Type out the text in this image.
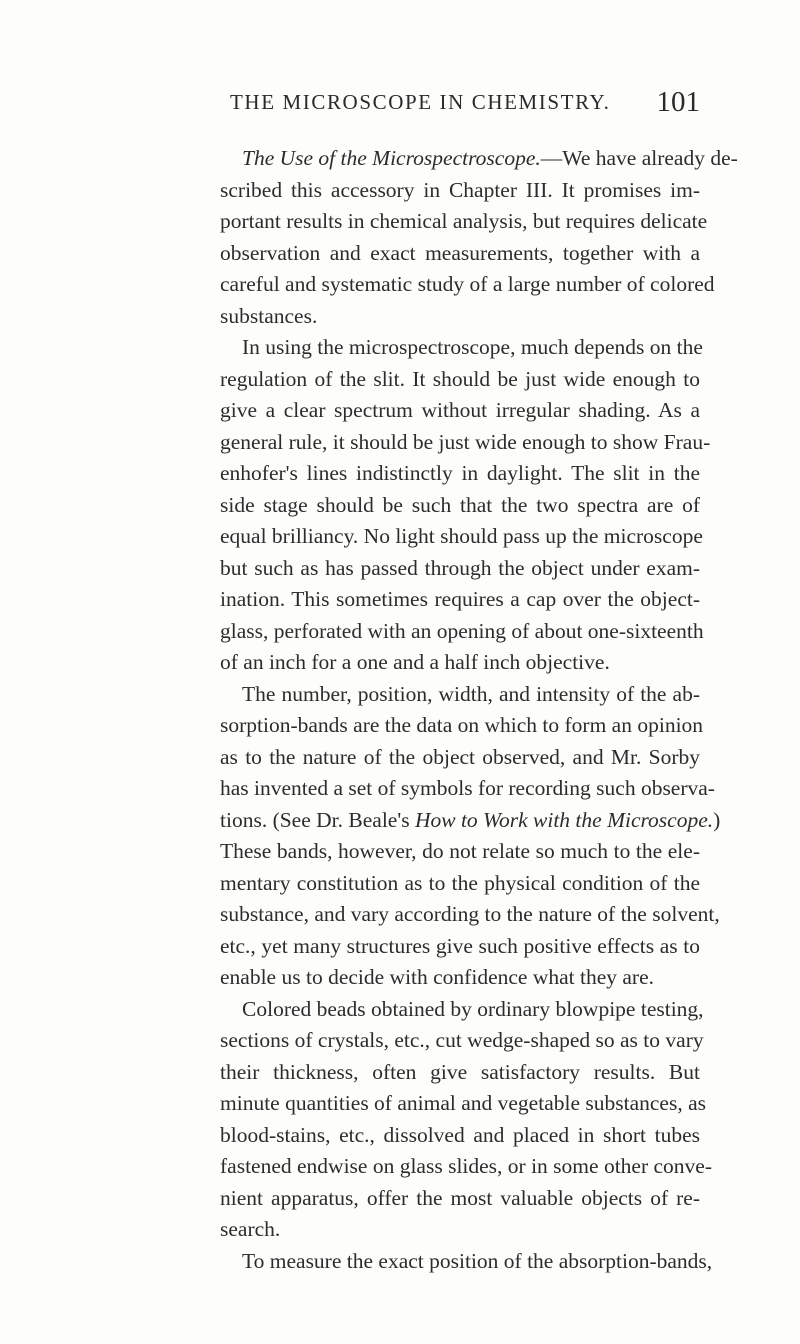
THE MICROSCOPE IN CHEMISTRY. 101
The Use of the Microspectroscope.—We have already de-
scribed this accessory in Chapter III. It promises im-
portant results in chemical analysis, but requires delicate
observation and exact measurements, together with a
careful and systematic study of a large number of colored
substances.
In using the microspectroscope, much depends on the
regulation of the slit. It should be just wide enough to
give a clear spectrum without irregular shading. As a
general rule, it should be just wide enough to show Frau-
enhofer's lines indistinctly in daylight. The slit in the
side stage should be such that the two spectra are of
equal brilliancy. No light should pass up the microscope
but such as has passed through the object under exam-
ination. This sometimes requires a cap over the object-
glass, perforated with an opening of about one-sixteenth
of an inch for a one and a half inch objective.
The number, position, width, and intensity of the ab-
sorption-bands are the data on which to form an opinion
as to the nature of the object observed, and Mr. Sorby
has invented a set of symbols for recording such observa-
tions. (See Dr. Beale's How to Work with the Microscope.)
These bands, however, do not relate so much to the ele-
mentary constitution as to the physical condition of the
substance, and vary according to the nature of the solvent,
etc., yet many structures give such positive effects as to
enable us to decide with confidence what they are.
Colored beads obtained by ordinary blowpipe testing,
sections of crystals, etc., cut wedge-shaped so as to vary
their thickness, often give satisfactory results. But
minute quantities of animal and vegetable substances, as
blood-stains, etc., dissolved and placed in short tubes
fastened endwise on glass slides, or in some other conve-
nient apparatus, offer the most valuable objects of re-
search.
To measure the exact position of the absorption-bands,
